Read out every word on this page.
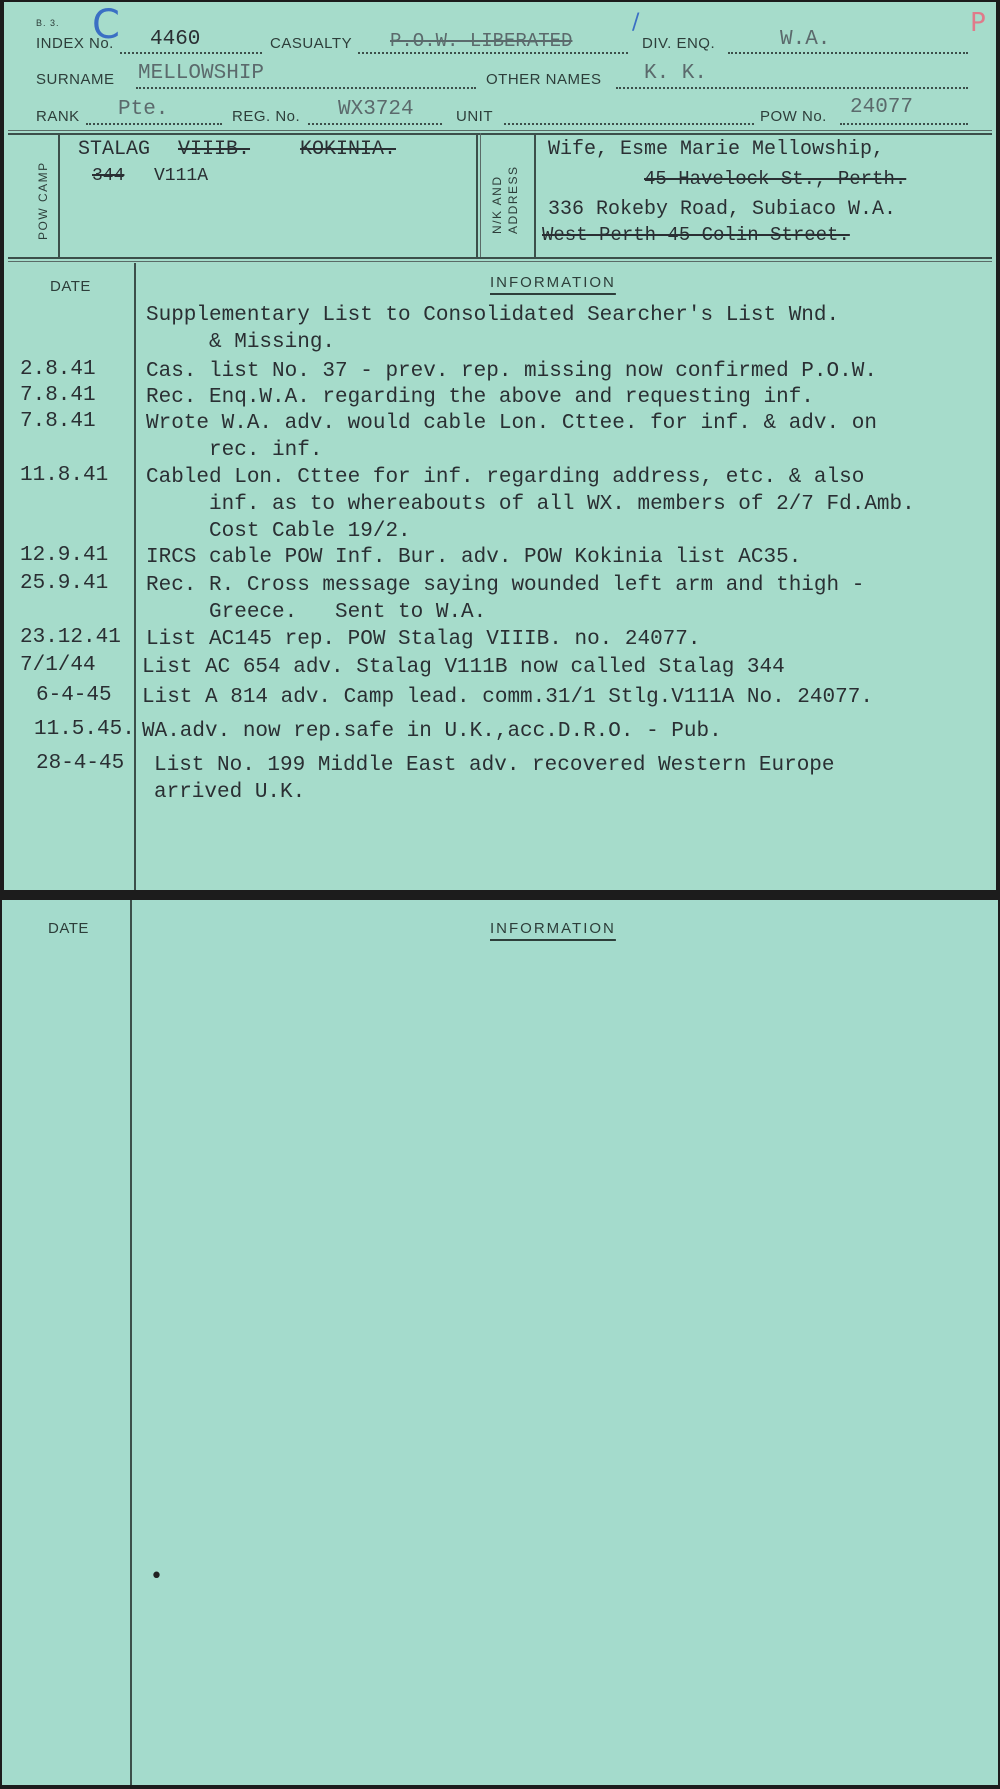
B. 3. C	/	P
INDEX No. 4460	CASUALTY P.O.W. LIBERATED	DIV. ENQ.	W.A.
SURNAME MELLOWSHIP	OTHER NAMES K. K.
RANK Pte.	REG. No. WX3724	UNIT	POW No. 24077
POW CAMP	N/K AND ADDRESS
STALAG VIIIB. KOKINIA.
344 V111A
Wife, Esme Marie Mellowship,
45 Havelock St., Perth.
336 Rokeby Road, Subiaco W.A.
West Perth 45 Colin Street.
DATE	INFORMATION
Supplementary List to Consolidated Searcher's List Wnd.
& Missing.
2.8.41 Cas. list No. 37 - prev. rep. missing now confirmed P.O.W.
7.8.41 Rec. Enq.W.A. regarding the above and requesting inf.
7.8.41 Wrote W.A. adv. would cable Lon. Cttee. for inf. & adv. on
rec. inf.
11.8.41 Cabled Lon. Cttee for inf. regarding address, etc. & also
inf. as to whereabouts of all WX. members of 2/7 Fd.Amb.
Cost Cable 19/2.
12.9.41 IRCS cable POW Inf. Bur. adv. POW Kokinia list AC35.
25.9.41 Rec. R. Cross message saying wounded left arm and thigh -
Greece.   Sent to W.A.
23.12.41 List AC145 rep. POW Stalag VIIIB. no. 24077.
7/1/44 List AC 654 adv. Stalag V111B now called Stalag 344
6-4-45 List A 814 adv. Camp lead. comm.31/1 Stlg.V111A No. 24077.
11.5.45. WA.adv. now rep.safe in U.K.,acc.D.R.O. - Pub.
28-4-45 List No. 199 Middle East adv. recovered Western Europe
arrived U.K.
DATE	INFORMATION
•
